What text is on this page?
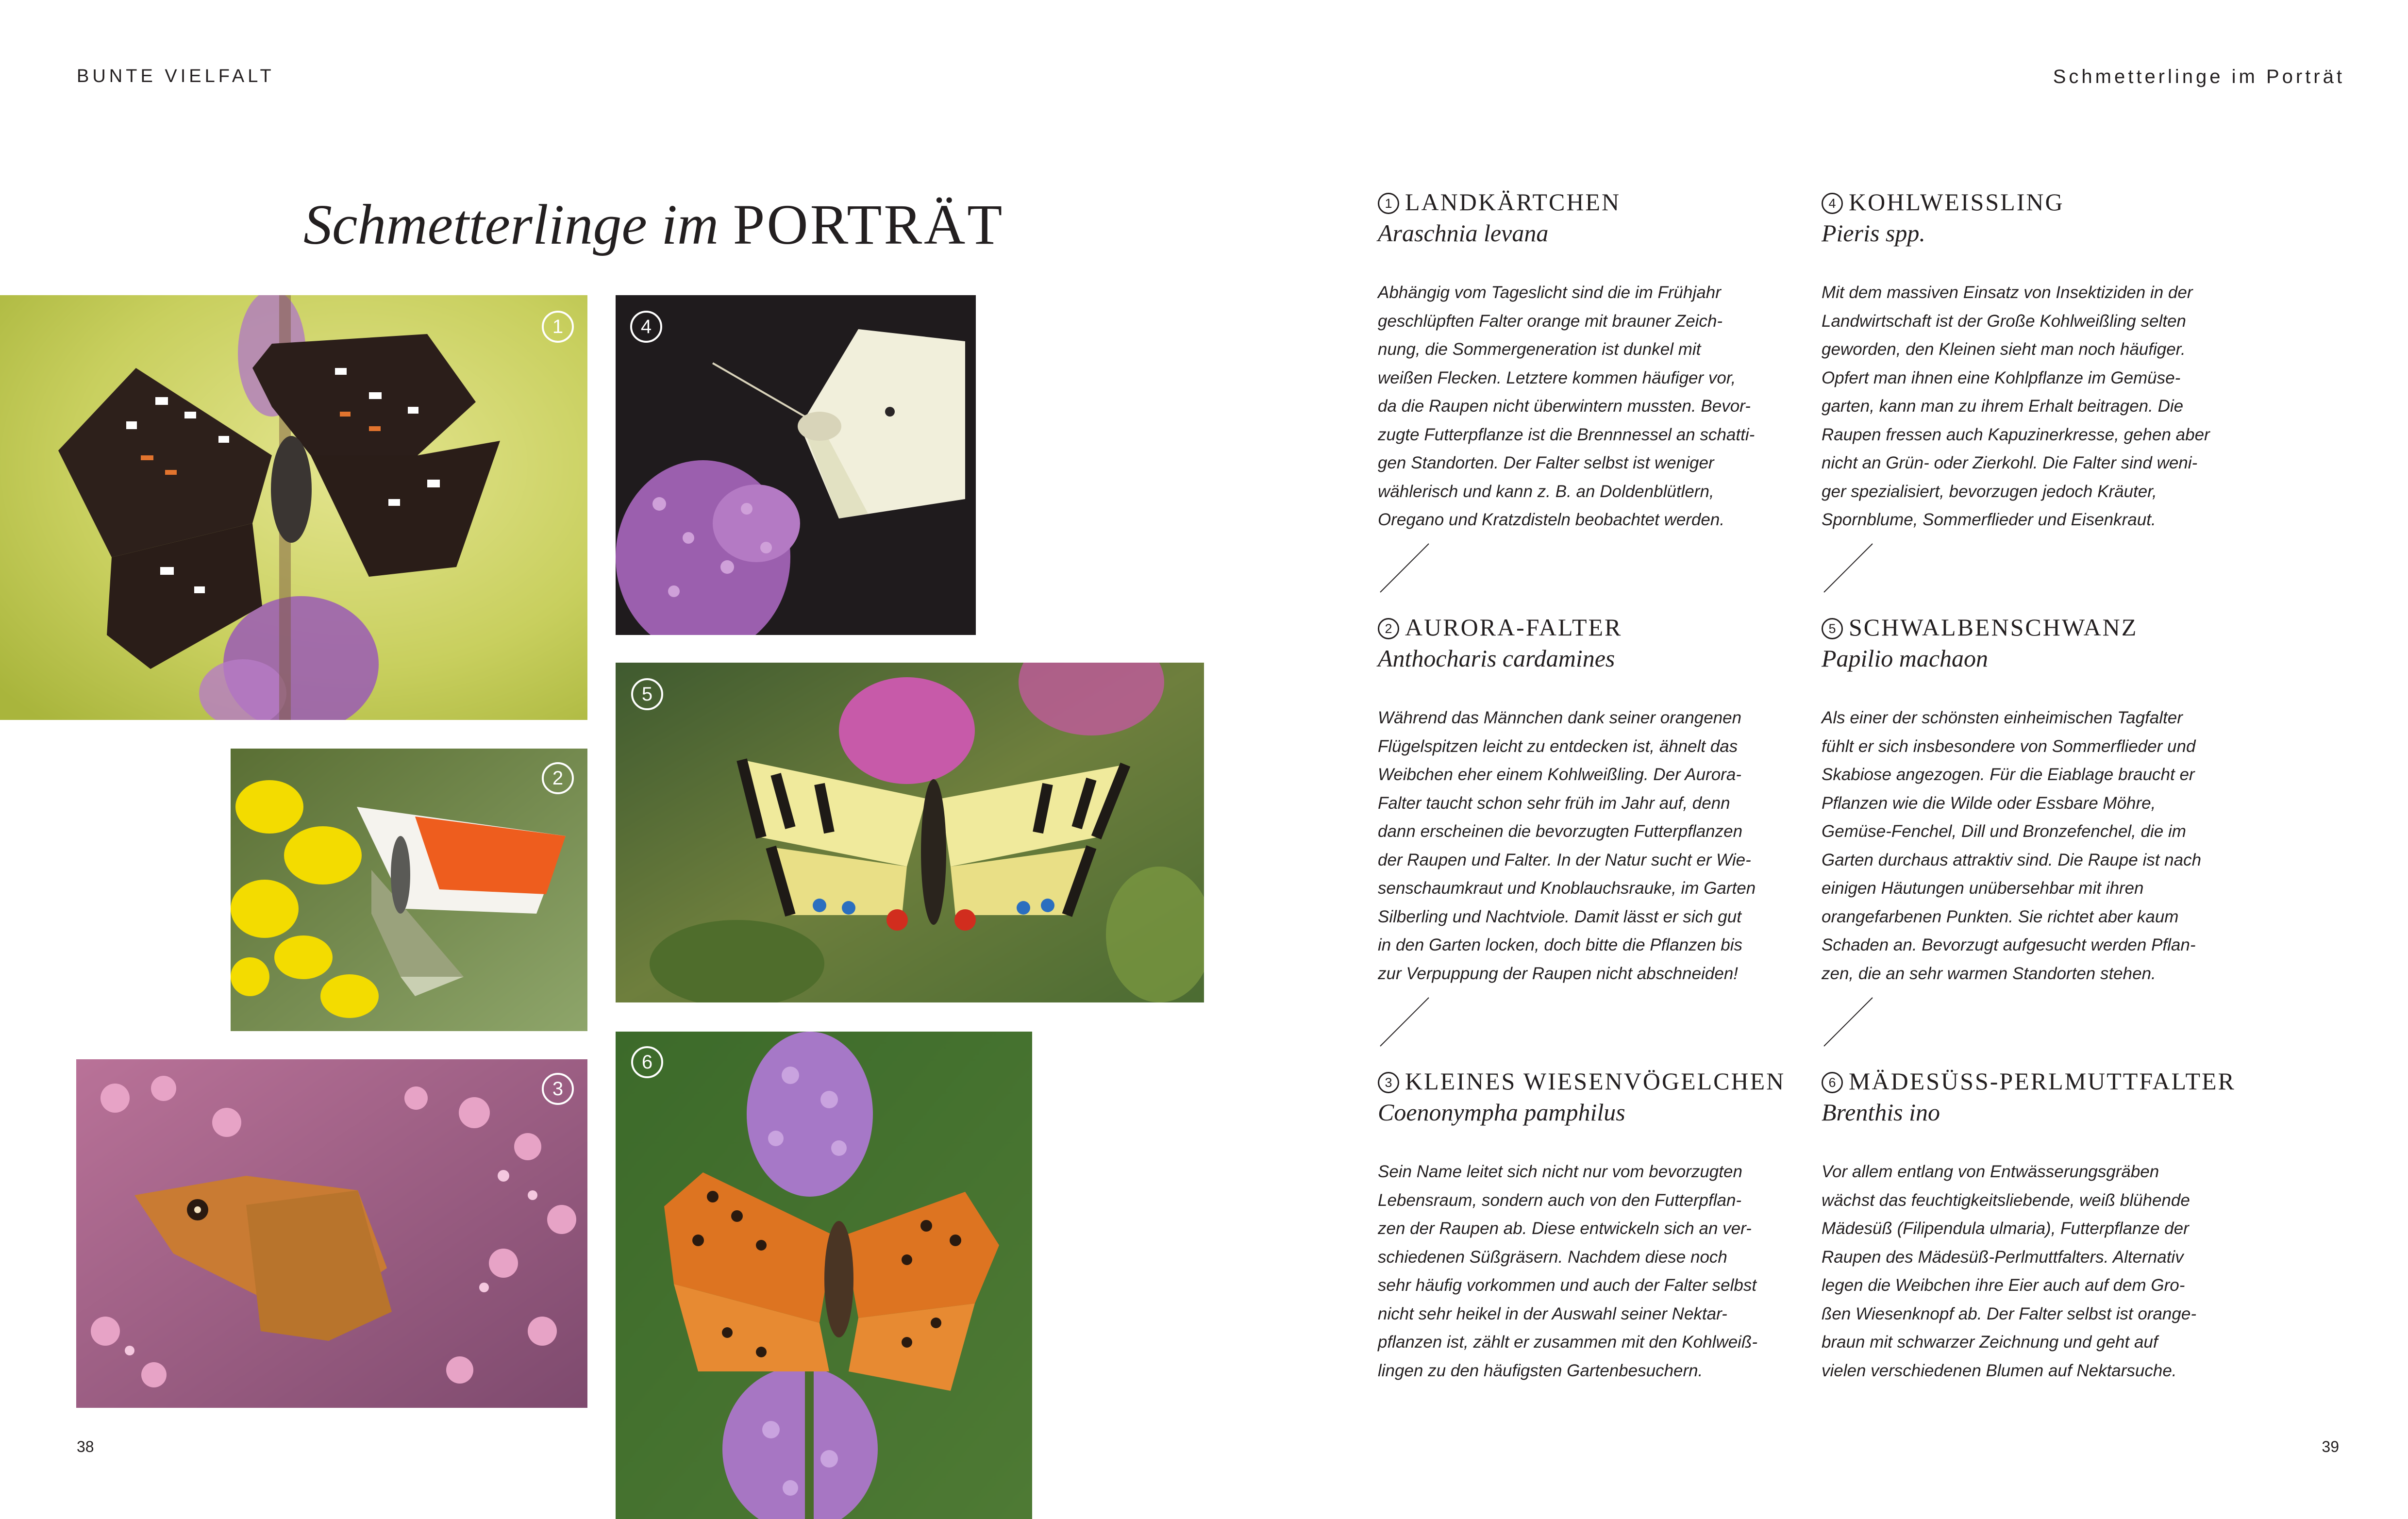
BUNTE VIELFALT	Schmetterlinge im Porträt
38	39
Schmetterlinge im PORTRÄT
1	4
2
5
3
6
1 LANDKÄRTCHEN
Araschnia levana
Abhängig vom Tageslicht sind die im Frühjahr
geschlüpften Falter orange mit brauner Zeich-
nung, die Sommergeneration ist dunkel mit
weißen Flecken. Letztere kommen häufiger vor,
da die Raupen nicht überwintern mussten. Bevor-
zugte Futterpflanze ist die Brennnessel an schatti-
gen Standorten. Der Falter selbst ist weniger
wählerisch und kann z. B. an Doldenblütlern,
Oregano und Kratzdisteln beobachtet werden.
2 AURORA-FALTER
Anthocharis cardamines
Während das Männchen dank seiner orangenen
Flügelspitzen leicht zu entdecken ist, ähnelt das
Weibchen eher einem Kohlweißling. Der Aurora-
Falter taucht schon sehr früh im Jahr auf, denn
dann erscheinen die bevorzugten Futterpflanzen
der Raupen und Falter. In der Natur sucht er Wie-
senschaumkraut und Knoblauchsrauke, im Garten
Silberling und Nachtviole. Damit lässt er sich gut
in den Garten locken, doch bitte die Pflanzen bis
zur Verpuppung der Raupen nicht abschneiden!
3 KLEINES WIESENVÖGELCHEN
Coenonympha pamphilus
Sein Name leitet sich nicht nur vom bevorzugten
Lebensraum, sondern auch von den Futterpflan-
zen der Raupen ab. Diese entwickeln sich an ver-
schiedenen Süßgräsern. Nachdem diese noch
sehr häufig vorkommen und auch der Falter selbst
nicht sehr heikel in der Auswahl seiner Nektar-
pflanzen ist, zählt er zusammen mit den Kohlweiß-
lingen zu den häufigsten Gartenbesuchern.
4 KOHLWEISSLING
Pieris spp.
Mit dem massiven Einsatz von Insektiziden in der
Landwirtschaft ist der Große Kohlweißling selten
geworden, den Kleinen sieht man noch häufiger.
Opfert man ihnen eine Kohlpflanze im Gemüse-
garten, kann man zu ihrem Erhalt beitragen. Die
Raupen fressen auch Kapuzinerkresse, gehen aber
nicht an Grün- oder Zierkohl. Die Falter sind weni-
ger spezialisiert, bevorzugen jedoch Kräuter,
Spornblume, Sommerflieder und Eisenkraut.
5 SCHWALBENSCHWANZ
Papilio machaon
Als einer der schönsten einheimischen Tagfalter
fühlt er sich insbesondere von Sommerflieder und
Skabiose angezogen. Für die Eiablage braucht er
Pflanzen wie die Wilde oder Essbare Möhre,
Gemüse-Fenchel, Dill und Bronzefenchel, die im
Garten durchaus attraktiv sind. Die Raupe ist nach
einigen Häutungen unübersehbar mit ihren
orangefarbenen Punkten. Sie richtet aber kaum
Schaden an. Bevorzugt aufgesucht werden Pflan-
zen, die an sehr warmen Standorten stehen.
6 MÄDESÜSS-PERLMUTTFALTER
Brenthis ino
Vor allem entlang von Entwässerungsgräben
wächst das feuchtigkeitsliebende, weiß blühende
Mädesüß (Filipendula ulmaria), Futterpflanze der
Raupen des Mädesüß-Perlmuttfalters. Alternativ
legen die Weibchen ihre Eier auch auf dem Gro-
ßen Wiesenknopf ab. Der Falter selbst ist orange-
braun mit schwarzer Zeichnung und geht auf
vielen verschiedenen Blumen auf Nektarsuche.
